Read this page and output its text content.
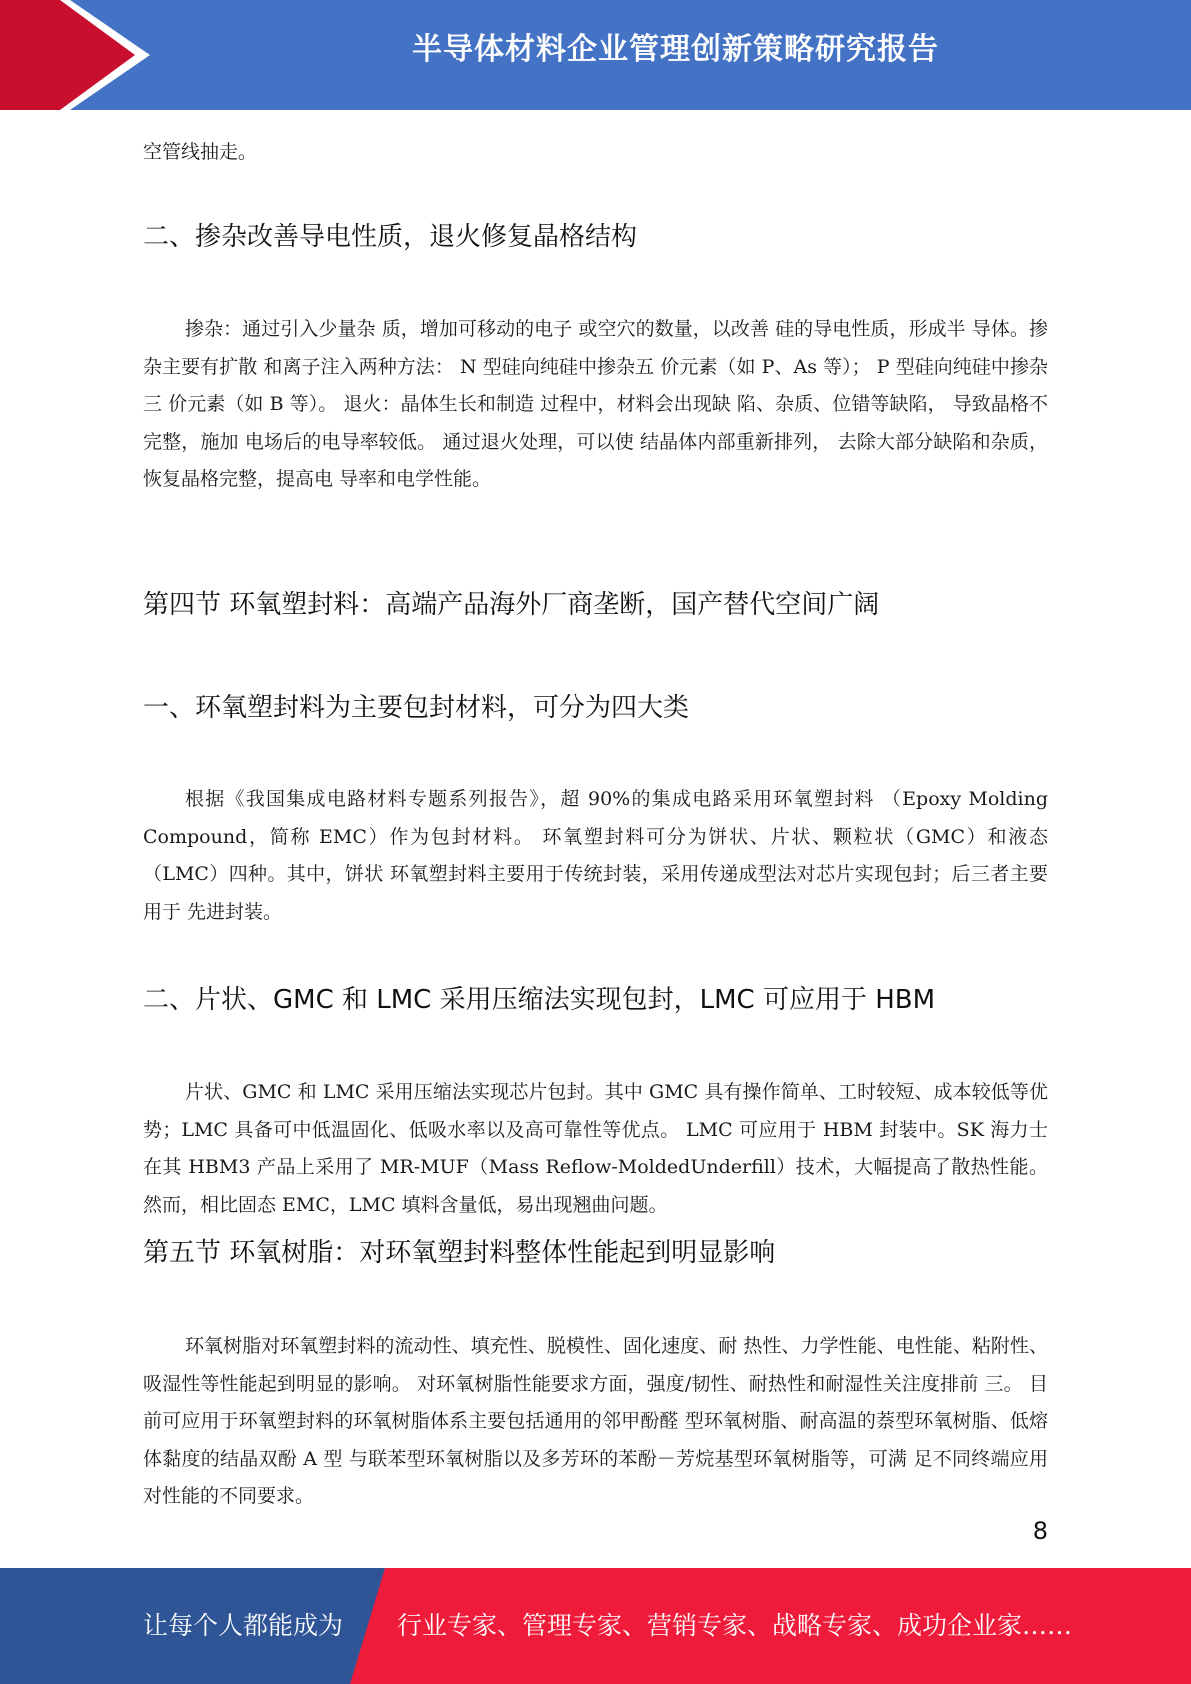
半导体材料企业管理创新策略研究报告

空管线抽走。

二、掺杂改善导电性质，退火修复晶格结构

掺杂：通过引入少量杂 质，增加可移动的电子 或空穴的数量，以改善 硅的导电性质，形成半 导体。掺杂主要有扩散 和离子注入两种方法： N 型硅向纯硅中掺杂五 价元素（如 P、As 等）； P 型硅向纯硅中掺杂三 价元素（如 B 等）。 退火：晶体生长和制造 过程中，材料会出现缺 陷、杂质、位错等缺陷， 导致晶格不完整，施加 电场后的电导率较低。 通过退火处理，可以使 结晶体内部重新排列， 去除大部分缺陷和杂质， 恢复晶格完整，提高电 导率和电学性能。

第四节 环氧塑封料：高端产品海外厂商垄断，国产替代空间广阔
一、环氧塑封料为主要包封材料，可分为四大类

根据《我国集成电路材料专题系列报告》，超 90%的集成电路采用环氧塑封料 （Epoxy Molding Compound，简称 EMC）作为包封材料。 环氧塑封料可分为饼状、片状、颗粒状（GMC）和液态（LMC）四种。其中，饼状 环氧塑封料主要用于传统封装，采用传递成型法对芯片实现包封；后三者主要用于 先进封装。

二、片状、GMC 和 LMC 采用压缩法实现包封，LMC 可应用于 HBM

片状、GMC 和 LMC 采用压缩法实现芯片包封。其中 GMC 具有操作简单、工时较短、成本较低等优势；LMC 具备可中低温固化、低吸水率以及高可靠性等优点。 LMC 可应用于 HBM 封装中。SK 海力士在其 HBM3 产品上采用了 MR-MUF（Mass Reflow-MoldedUnderfill）技术，大幅提高了散热性能。然而，相比固态 EMC，LMC 填料含量低，易出现翘曲问题。

第五节 环氧树脂：对环氧塑封料整体性能起到明显影响

环氧树脂对环氧塑封料的流动性、填充性、脱模性、固化速度、耐 热性、力学性能、电性能、粘附性、吸湿性等性能起到明显的影响。 对环氧树脂性能要求方面，强度/韧性、耐热性和耐湿性关注度排前 三。 目前可应用于环氧塑封料的环氧树脂体系主要包括通用的邻甲酚醛 型环氧树脂、耐高温的萘型环氧树脂、低熔体黏度的结晶双酚 A 型 与联苯型环氧树脂以及多芳环的苯酚－芳烷基型环氧树脂等，可满 足不同终端应用对性能的不同要求。

8
让每个人都能成为 行业专家、管理专家、营销专家、战略专家、成功企业家……
